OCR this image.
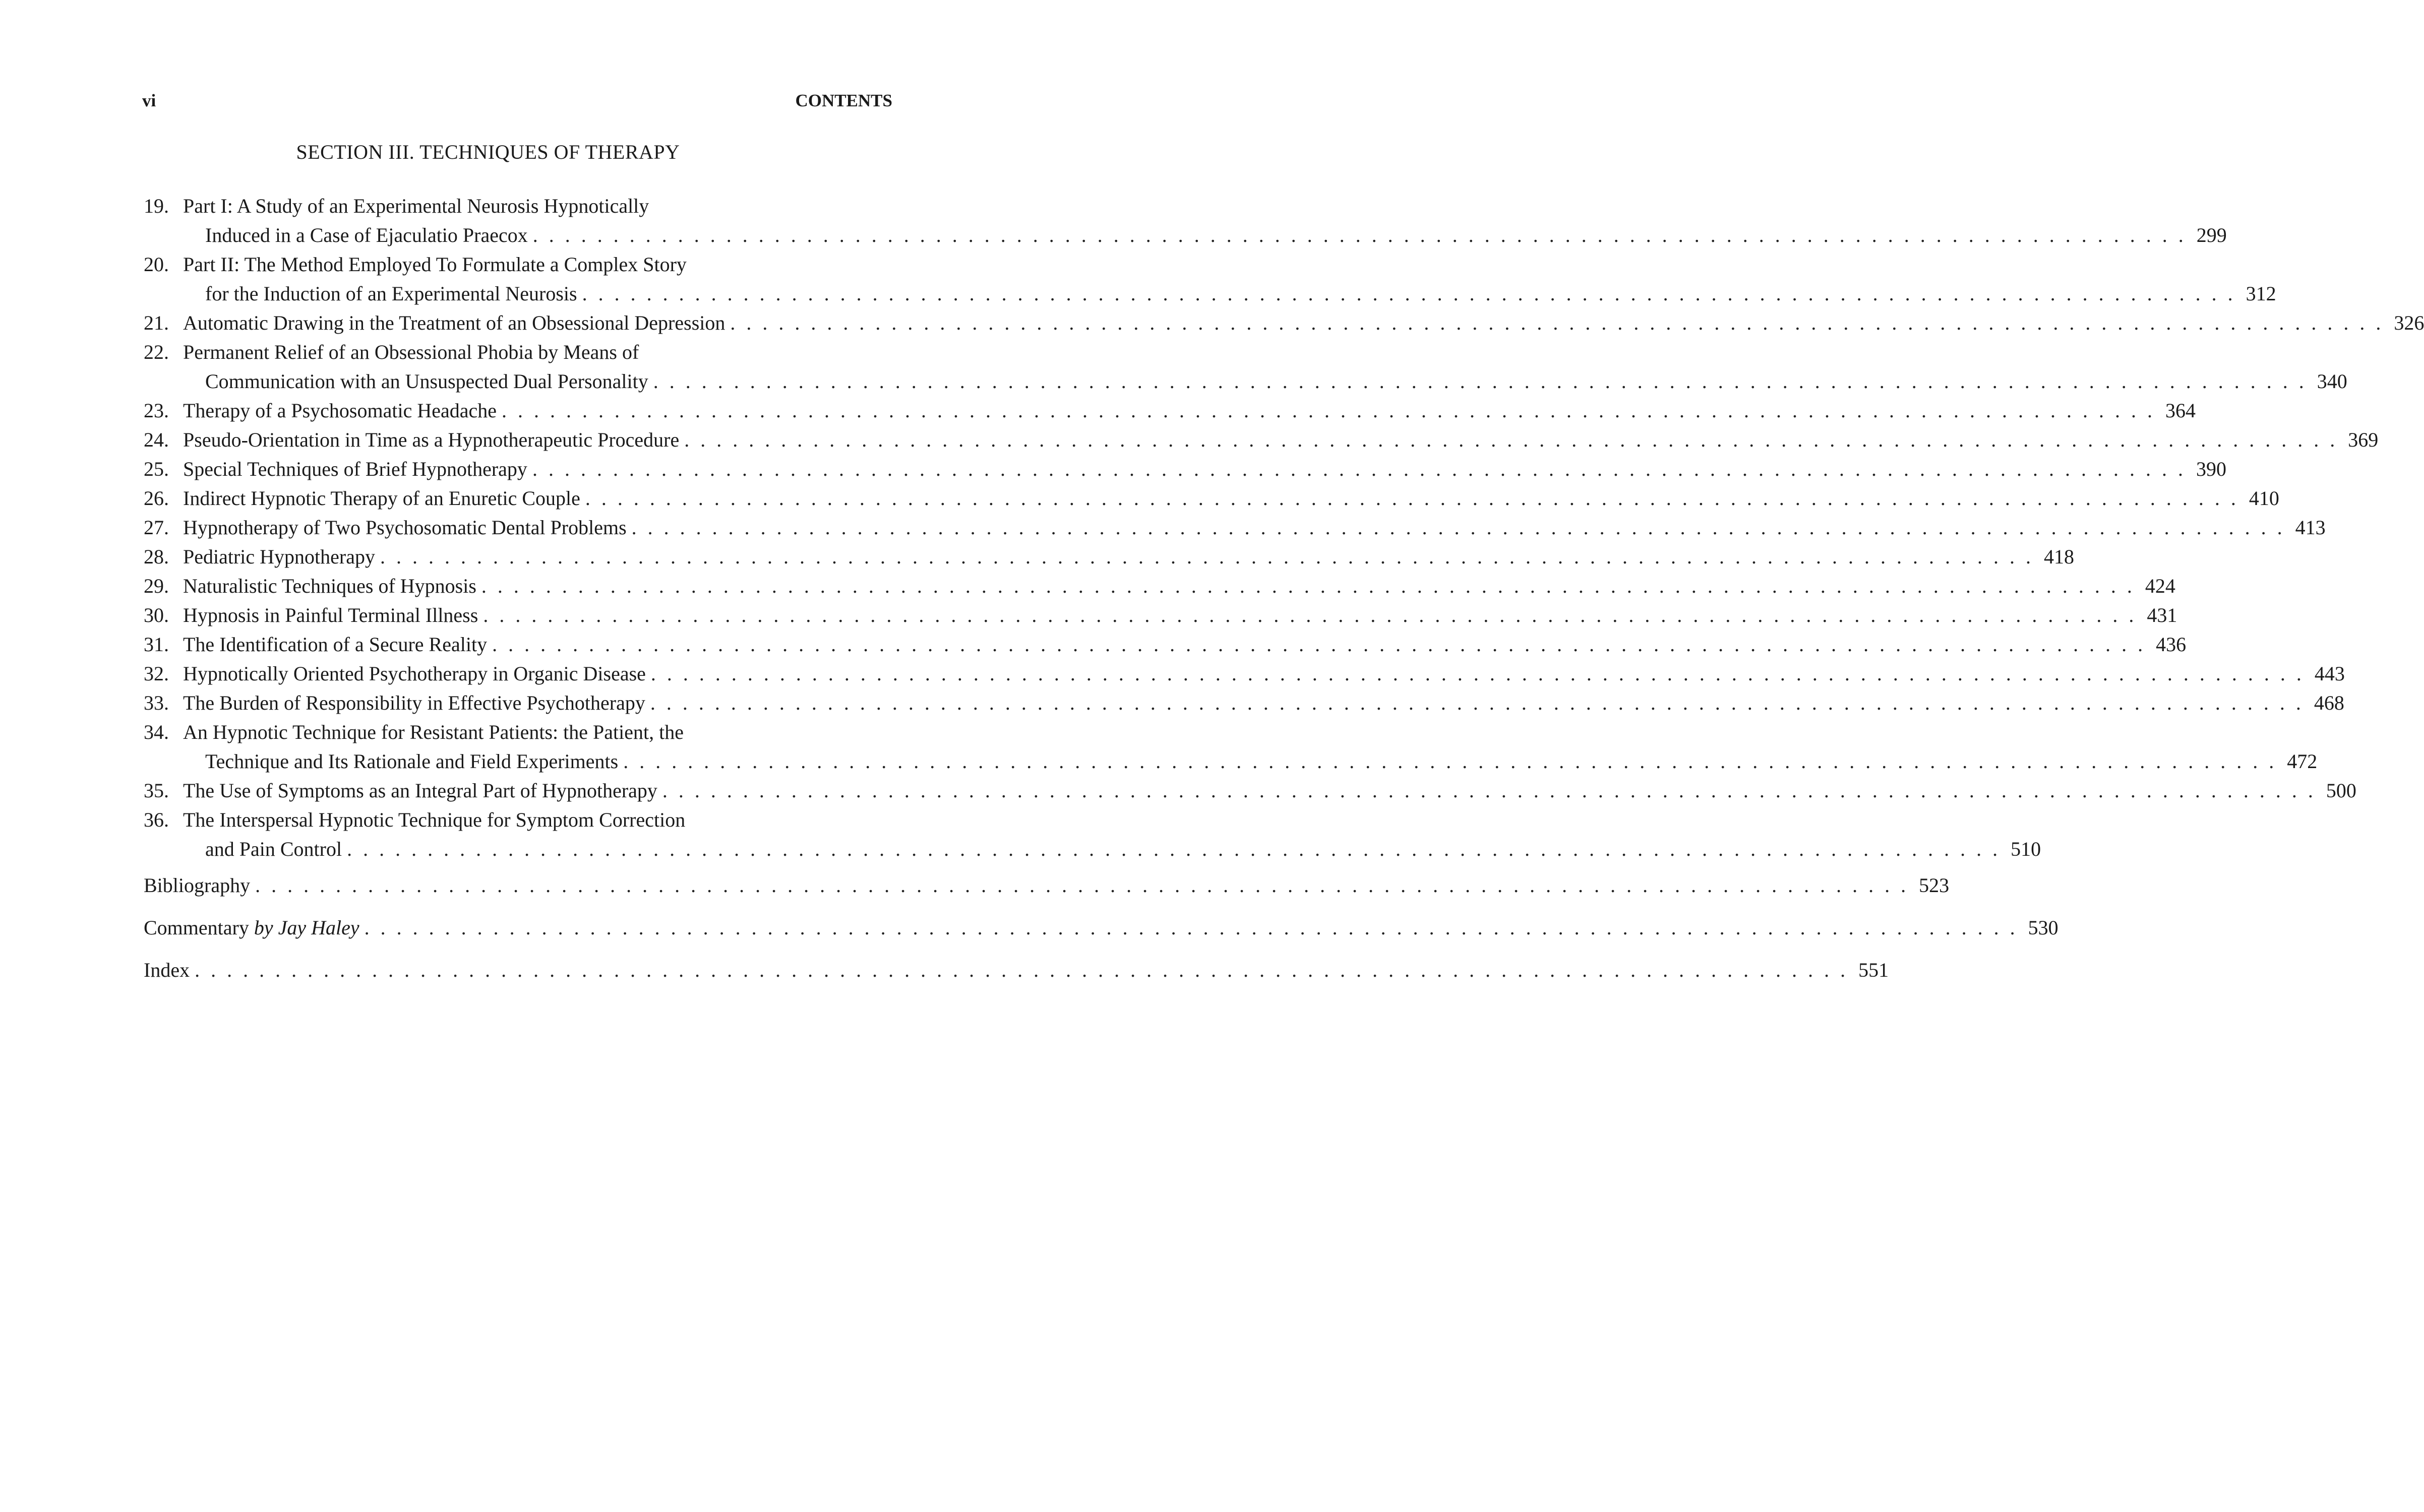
vi	CONTENTS
SECTION III. TECHNIQUES OF THERAPY
19. Part I: A Study of an Experimental Neurosis Hypnotically
Induced in a Case of Ejaculatio Praecox . . . . . . . . . . . . . . . . . . . . . . . . . . . . . . . . . . . . . . . . . . . . . . . . . . . . . . . . . . . . . . . . . . . . . . . . . . . . . . . . . . . . . . . . . . . . . . . . . . . . . . . 299
20. Part II: The Method Employed To Formulate a Complex Story
for the Induction of an Experimental Neurosis . . . . . . . . . . . . . . . . . . . . . . . . . . . . . . . . . . . . . . . . . . . . . . . . . . . . . . . . . . . . . . . . . . . . . . . . . . . . . . . . . . . . . . . . . . . . . . . . . . . . . . . 312
21. Automatic Drawing in the Treatment of an Obsessional Depression . . . . . . . . . . . . . . . . . . . . . . . . . . . . . . . . . . . . . . . . . . . . . . . . . . . . . . . . . . . . . . . . . . . . . . . . . . . . . . . . . . . . . . . . . . . . . . . . . . . . . . . 326
22. Permanent Relief of an Obsessional Phobia by Means of
Communication with an Unsuspected Dual Personality . . . . . . . . . . . . . . . . . . . . . . . . . . . . . . . . . . . . . . . . . . . . . . . . . . . . . . . . . . . . . . . . . . . . . . . . . . . . . . . . . . . . . . . . . . . . . . . . . . . . . . . 340
23. Therapy of a Psychosomatic Headache . . . . . . . . . . . . . . . . . . . . . . . . . . . . . . . . . . . . . . . . . . . . . . . . . . . . . . . . . . . . . . . . . . . . . . . . . . . . . . . . . . . . . . . . . . . . . . . . . . . . . . . 364
24. Pseudo-Orientation in Time as a Hypnotherapeutic Procedure . . . . . . . . . . . . . . . . . . . . . . . . . . . . . . . . . . . . . . . . . . . . . . . . . . . . . . . . . . . . . . . . . . . . . . . . . . . . . . . . . . . . . . . . . . . . . . . . . . . . . . . 369
25. Special Techniques of Brief Hypnotherapy . . . . . . . . . . . . . . . . . . . . . . . . . . . . . . . . . . . . . . . . . . . . . . . . . . . . . . . . . . . . . . . . . . . . . . . . . . . . . . . . . . . . . . . . . . . . . . . . . . . . . . . 390
26. Indirect Hypnotic Therapy of an Enuretic Couple . . . . . . . . . . . . . . . . . . . . . . . . . . . . . . . . . . . . . . . . . . . . . . . . . . . . . . . . . . . . . . . . . . . . . . . . . . . . . . . . . . . . . . . . . . . . . . . . . . . . . . . 410
27. Hypnotherapy of Two Psychosomatic Dental Problems . . . . . . . . . . . . . . . . . . . . . . . . . . . . . . . . . . . . . . . . . . . . . . . . . . . . . . . . . . . . . . . . . . . . . . . . . . . . . . . . . . . . . . . . . . . . . . . . . . . . . . . 413
28. Pediatric Hypnotherapy . . . . . . . . . . . . . . . . . . . . . . . . . . . . . . . . . . . . . . . . . . . . . . . . . . . . . . . . . . . . . . . . . . . . . . . . . . . . . . . . . . . . . . . . . . . . . . . . . . . . . . . 418
29. Naturalistic Techniques of Hypnosis . . . . . . . . . . . . . . . . . . . . . . . . . . . . . . . . . . . . . . . . . . . . . . . . . . . . . . . . . . . . . . . . . . . . . . . . . . . . . . . . . . . . . . . . . . . . . . . . . . . . . . . 424
30. Hypnosis in Painful Terminal Illness . . . . . . . . . . . . . . . . . . . . . . . . . . . . . . . . . . . . . . . . . . . . . . . . . . . . . . . . . . . . . . . . . . . . . . . . . . . . . . . . . . . . . . . . . . . . . . . . . . . . . . . 431
31. The Identification of a Secure Reality . . . . . . . . . . . . . . . . . . . . . . . . . . . . . . . . . . . . . . . . . . . . . . . . . . . . . . . . . . . . . . . . . . . . . . . . . . . . . . . . . . . . . . . . . . . . . . . . . . . . . . . 436
32. Hypnotically Oriented Psychotherapy in Organic Disease . . . . . . . . . . . . . . . . . . . . . . . . . . . . . . . . . . . . . . . . . . . . . . . . . . . . . . . . . . . . . . . . . . . . . . . . . . . . . . . . . . . . . . . . . . . . . . . . . . . . . . . 443
33. The Burden of Responsibility in Effective Psychotherapy . . . . . . . . . . . . . . . . . . . . . . . . . . . . . . . . . . . . . . . . . . . . . . . . . . . . . . . . . . . . . . . . . . . . . . . . . . . . . . . . . . . . . . . . . . . . . . . . . . . . . . . 468
34. An Hypnotic Technique for Resistant Patients: the Patient, the
Technique and Its Rationale and Field Experiments . . . . . . . . . . . . . . . . . . . . . . . . . . . . . . . . . . . . . . . . . . . . . . . . . . . . . . . . . . . . . . . . . . . . . . . . . . . . . . . . . . . . . . . . . . . . . . . . . . . . . . . 472
35. The Use of Symptoms as an Integral Part of Hypnotherapy . . . . . . . . . . . . . . . . . . . . . . . . . . . . . . . . . . . . . . . . . . . . . . . . . . . . . . . . . . . . . . . . . . . . . . . . . . . . . . . . . . . . . . . . . . . . . . . . . . . . . . . 500
36. The Interspersal Hypnotic Technique for Symptom Correction
and Pain Control . . . . . . . . . . . . . . . . . . . . . . . . . . . . . . . . . . . . . . . . . . . . . . . . . . . . . . . . . . . . . . . . . . . . . . . . . . . . . . . . . . . . . . . . . . . . . . . . . . . . . . . 510
Bibliography . . . . . . . . . . . . . . . . . . . . . . . . . . . . . . . . . . . . . . . . . . . . . . . . . . . . . . . . . . . . . . . . . . . . . . . . . . . . . . . . . . . . . . . . . . . . . . . . . . . . . . . 523
Commentary
by Jay Haley . . . . . . . . . . . . . . . . . . . . . . . . . . . . . . . . . . . . . . . . . . . . . . . . . . . . . . . . . . . . . . . . . . . . . . . . . . . . . . . . . . . . . . . . . . . . . . . . . . . . . . . 530
Index . . . . . . . . . . . . . . . . . . . . . . . . . . . . . . . . . . . . . . . . . . . . . . . . . . . . . . . . . . . . . . . . . . . . . . . . . . . . . . . . . . . . . . . . . . . . . . . . . . . . . . . 551
